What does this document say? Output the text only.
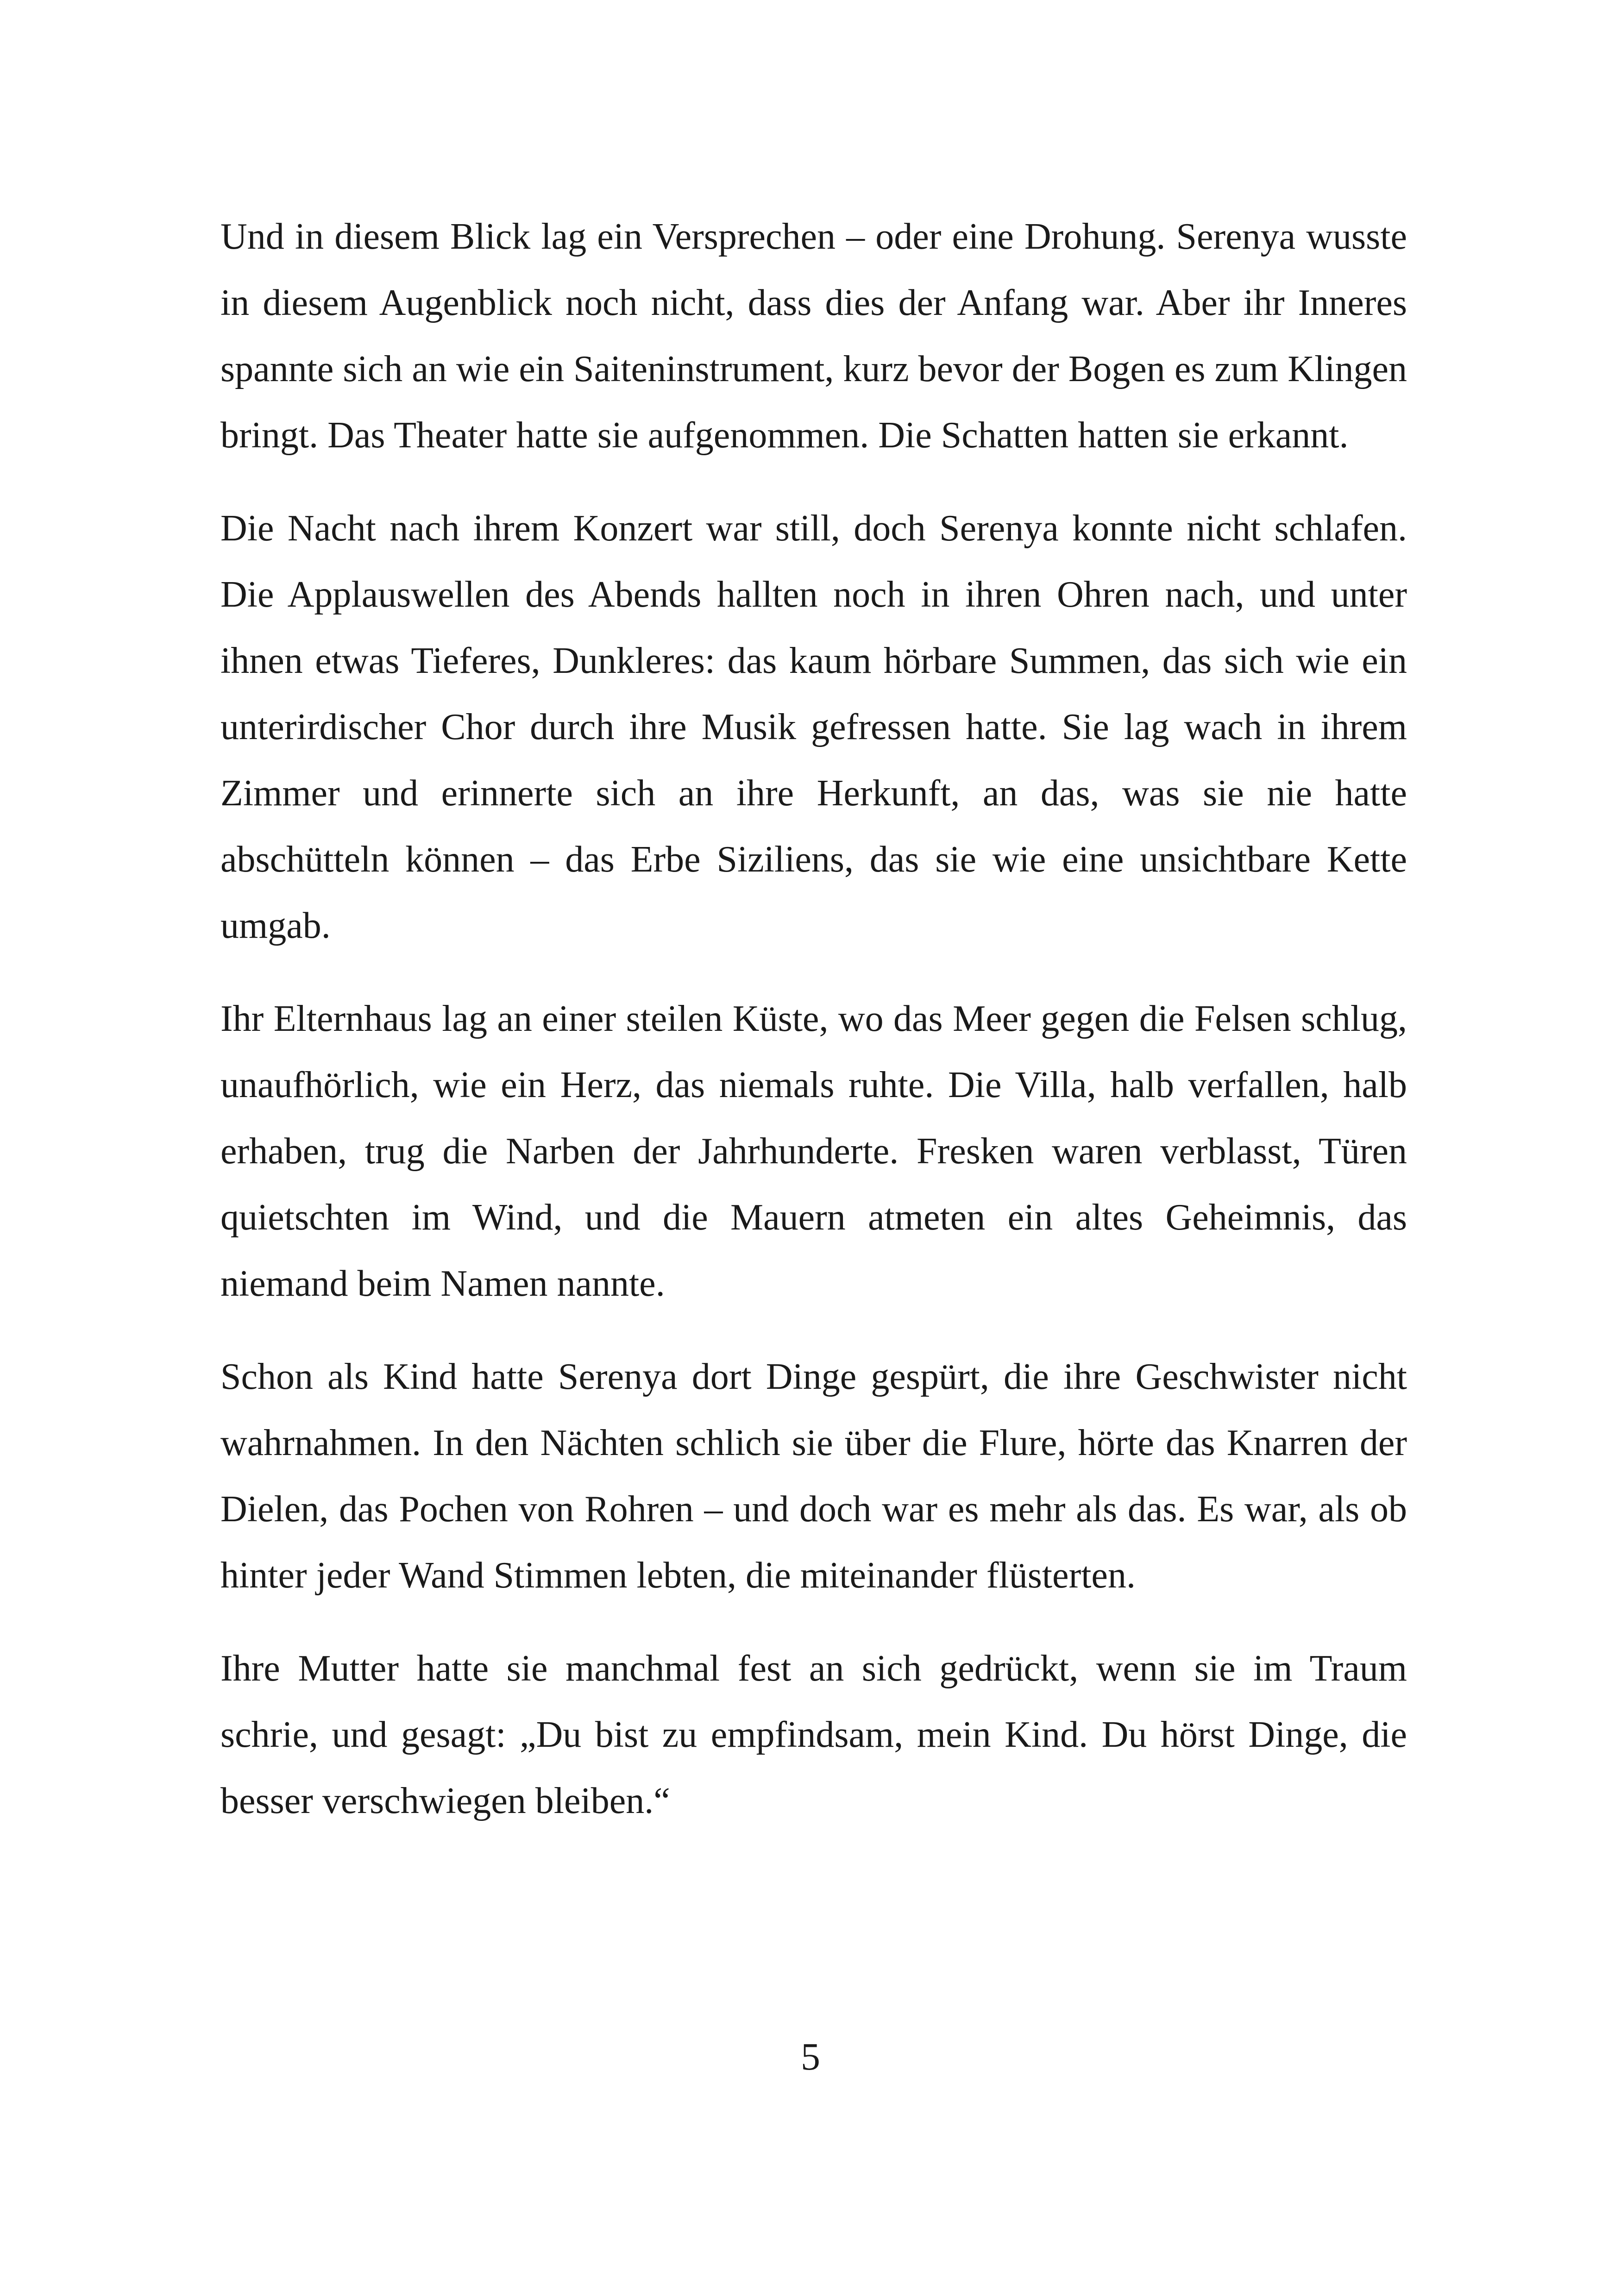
Und in diesem Blick lag ein Versprechen – oder eine Drohung. Serenya wusste in diesem Augenblick noch nicht, dass dies der Anfang war. Aber ihr Inneres spannte sich an wie ein Saiteninstrument, kurz bevor der Bogen es zum Klingen bringt. Das Theater hatte sie aufgenommen. Die Schatten hatten sie erkannt.

Die Nacht nach ihrem Konzert war still, doch Serenya konnte nicht schlafen. Die Applauswellen des Abends hallten noch in ihren Ohren nach, und unter ihnen etwas Tieferes, Dunkleres: das kaum hörbare Summen, das sich wie ein unterirdischer Chor durch ihre Musik gefressen hatte. Sie lag wach in ihrem Zimmer und erinnerte sich an ihre Herkunft, an das, was sie nie hatte abschütteln können – das Erbe Siziliens, das sie wie eine unsichtbare Kette umgab.

Ihr Elternhaus lag an einer steilen Küste, wo das Meer gegen die Felsen schlug, unaufhörlich, wie ein Herz, das niemals ruhte. Die Villa, halb verfallen, halb erhaben, trug die Narben der Jahrhunderte. Fresken waren verblasst, Türen quietschten im Wind, und die Mauern atmeten ein altes Geheimnis, das niemand beim Namen nannte.

Schon als Kind hatte Serenya dort Dinge gespürt, die ihre Geschwister nicht wahrnahmen. In den Nächten schlich sie über die Flure, hörte das Knarren der Dielen, das Pochen von Rohren – und doch war es mehr als das. Es war, als ob hinter jeder Wand Stimmen lebten, die miteinander flüsterten.

Ihre Mutter hatte sie manchmal fest an sich gedrückt, wenn sie im Traum schrie, und gesagt: „Du bist zu empfindsam, mein Kind. Du hörst Dinge, die besser verschwiegen bleiben.“

5
